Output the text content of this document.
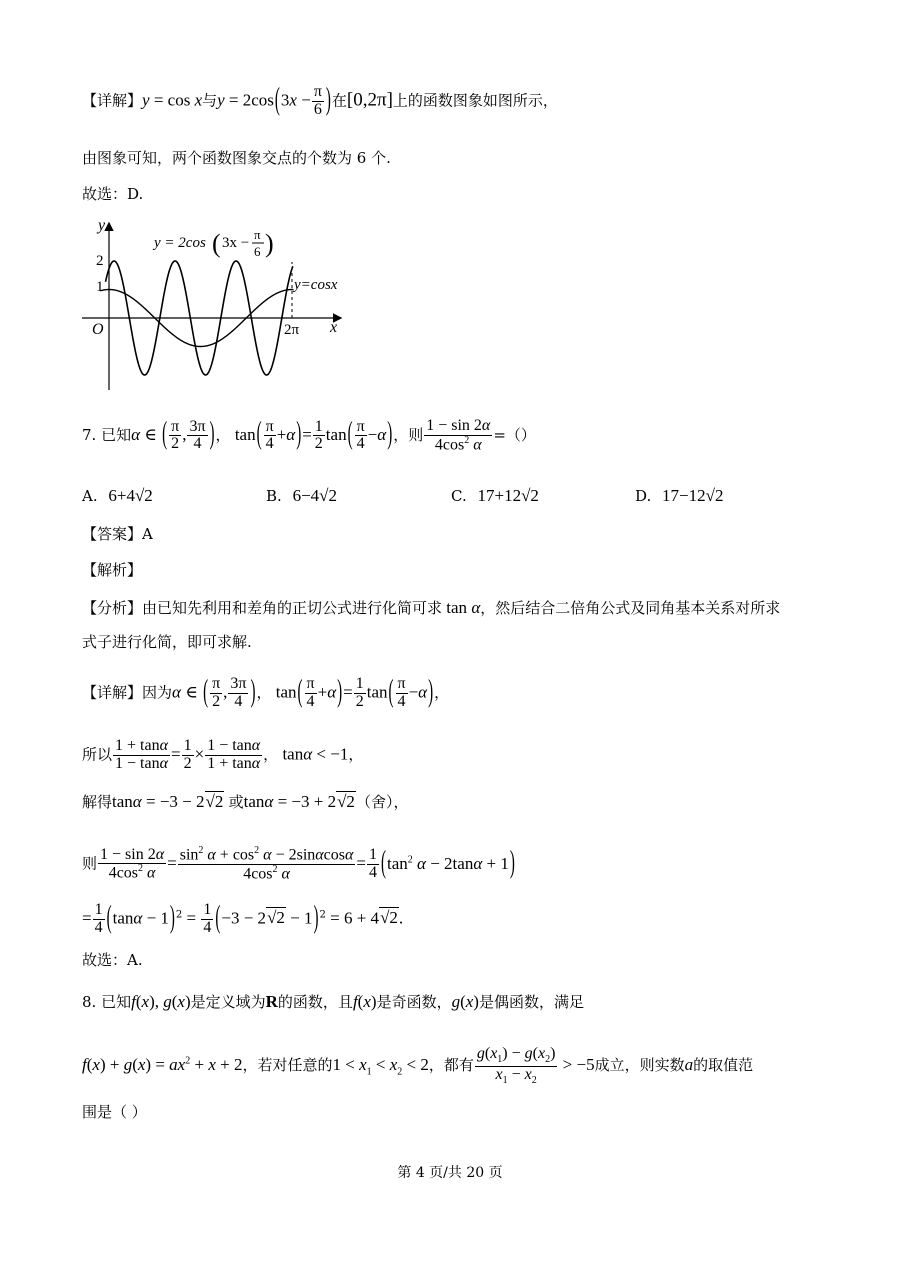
【详解】y = cos x与$y = 2\cos(3x - \frac{\pi}{6}$ )在[0,2π]上的函数图象如图所示，
由图象可知，两个函数图象交点的个数为 6 个.
故选：D.
y
x
O
2
1
2π
y=cosx
y = 2cos ( 3x −
π
6 )
7. 已知α ∈ ( $\frac{\pi}{2}$ , $\frac{3\pi}{4}$ )， $\tan( \frac{\pi}{4} +\alpha)= \frac{1}{2} \tan( \frac{\pi}{4} -\alpha)$，则 $\frac{1 - \sin 2\alpha}{4\cos^2 \alpha}$ =（）
A. 6+4√2	B. 6−4√2	C. 17+12√2	D. 17−12√2
【答案】A
【解析】
【分析】由已知先利用和差角的正切公式进行化简可求 tan α，然后结合二倍角公式及同角基本关系对所求
式子进行化简，即可求解.
【详解】因为α ∈ ( $\frac{\pi}{2}$ , $\frac{3\pi}{4}$ )， $\tan( \frac{\pi}{4} +\alpha)= \frac{1}{2} \tan( \frac{\pi}{4} -\alpha)$，
所以 $\frac{1 + \tan\alpha}{1 - \tan\alpha} = \frac{1}{2} \times \frac{1 - \tan\alpha}{1 + \tan\alpha}$ ， tanα < −1，
解得tanα = −3 − 2√2 或tanα = −3 + 2√2（舍），
则 $\frac{1 - \sin 2\alpha}{4\cos^2 \alpha} = \frac{\sin^2 \alpha + \cos^2 \alpha - 2\sin\alpha\cos\alpha}{4\cos^2 \alpha} = \frac{1}{4} (\tan^2$ α − 2tanα + 1)
= $\frac{1}{4} (\tan\alpha - 1)^2 = \frac{1}{4} (-3 - 2√2 - 1)^2 = 6 + 4√2$.
故选：A.
8. 已知f(x), g(x)是定义域为R的函数，且f(x)是奇函数，g(x)是偶函数，满足
$f(x) + g(x) = ax^2 + x + 2$，若对任意的$1 < x_1 < x_2 < 2$，都有 $\frac{g(x_1) - g(x_2)}{x_1 - x_2} > -5$成立，则实数a的取值范
围是（ ）
第 4 页/共 20 页
